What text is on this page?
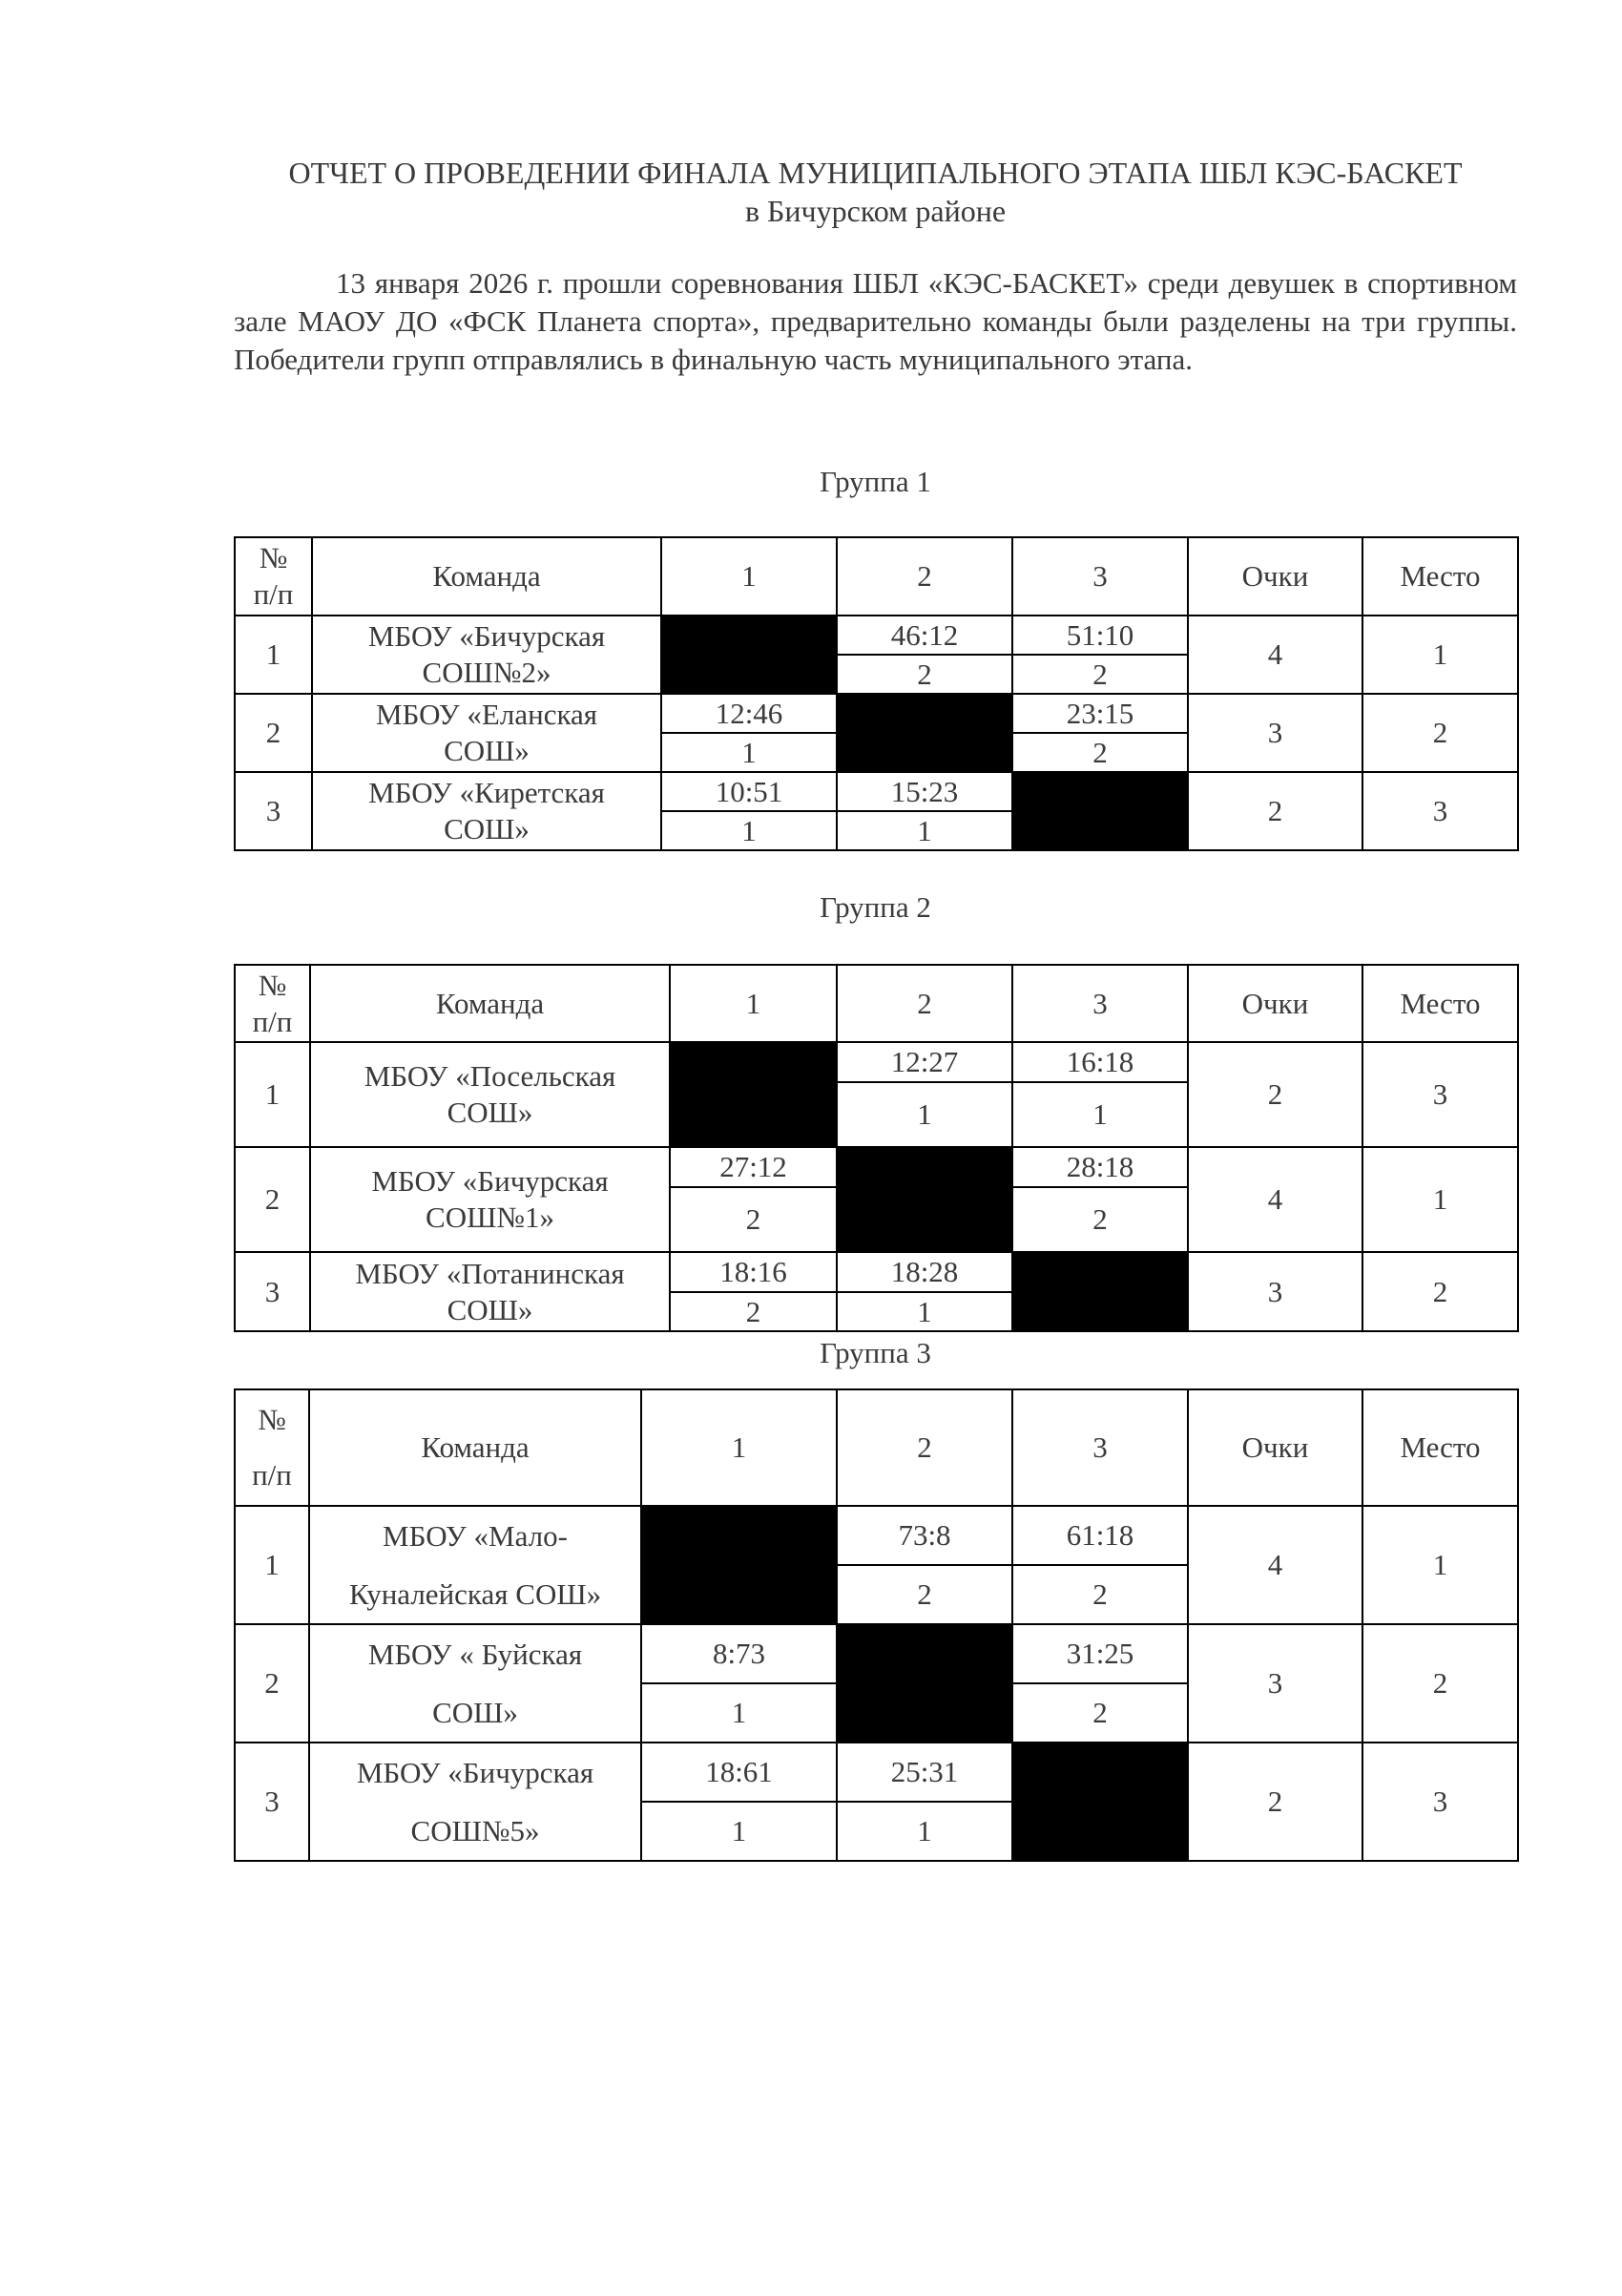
ОТЧЕТ О ПРОВЕДЕНИИ ФИНАЛА МУНИЦИПАЛЬНОГО ЭТАПА ШБЛ КЭС-БАСКЕТ
в Бичурском районе
13 января 2026 г. прошли соревнования ШБЛ «КЭС-БАСКЕТ» среди девушек в спортивном зале МАОУ ДО «ФСК Планета спорта», предварительно команды были разделены на три группы. Победители групп отправлялись в финальную часть муниципального этапа.
Группа 1
№
п/п	Команда	1	2	3	Очки	Место
1	МБОУ «Бичурская
СОШ№2»		46:12	51:10	4	1
			2	2		
2	МБОУ «Еланская
СОШ»	12:46		23:15	3	2
		1		2		
3	МБОУ «Киретская
СОШ»	10:51	15:23		2	3
		1	1			
Группа 2
№
п/п	Команда	1	2	3	Очки	Место
1	МБОУ «Посельская
СОШ»		12:27	16:18	2	3
			1	1		
2	МБОУ «Бичурская
СОШ№1»	27:12		28:18	4	1
		2		2		
3	МБОУ «Потанинская
СОШ»	18:16	18:28		3	2
		2	1			
Группа 3
№
п/п	Команда	1	2	3	Очки	Место
1	МБОУ «Мало-
Куналейская СОШ»		73:8	61:18	4	1
			2	2		
2	МБОУ « Буйская
СОШ»	8:73		31:25	3	2
		1		2		
3	МБОУ «Бичурская
СОШ№5»	18:61	25:31		2	3
		1	1			
